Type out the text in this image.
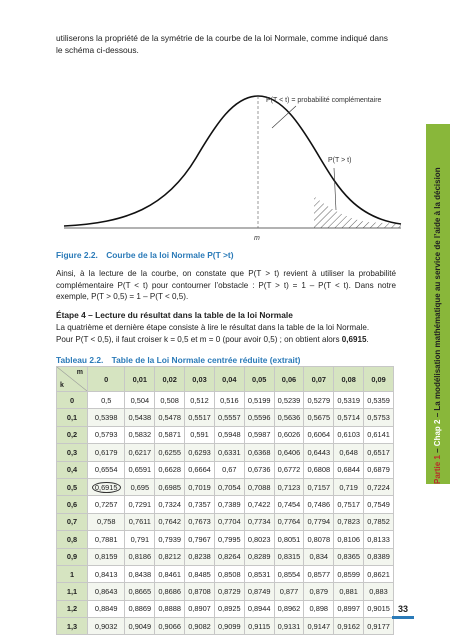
utiliserons la propriété de la symétrie de la courbe de la loi Normale, comme indiqué dans le schéma ci-dessous.
P(T < t) = probabilité complémentaire
P(T > t)
m
Figure 2.2. Courbe de la loi Normale P(T >t)
Ainsi, à la lecture de la courbe, on constate que P(T > t) revient à utiliser la probabilité complémentaire P(T < t) pour contourner l’obstacle : P(T > t) = 1 – P(T < t). Dans notre exemple, P(T > 0,5) = 1 – P(T < 0,5).
Étape 4 – Lecture du résultat dans la table de la loi Normale
La quatrième et dernière étape consiste à lire le résultat dans la table de la loi Normale.
Pour P(T < 0,5), il faut croiser k = 0,5 et m = 0 (pour avoir 0,5) ; on obtient alors 0,6915.
Tableau 2.2. Table de la Loi Normale centrée réduite (extrait)
m
k	0	0,01	0,02	0,03	0,04	0,05	0,06	0,07	0,08	0,09
0	0,5	0,504	0,508	0,512	0,516	0,5199	0,5239	0,5279	0,5319	0,5359
0,1	0,5398	0,5438	0,5478	0,5517	0,5557	0,5596	0,5636	0,5675	0,5714	0,5753
0,2	0,5793	0,5832	0,5871	0,591	0,5948	0,5987	0,6026	0,6064	0,6103	0,6141
0,3	0,6179	0,6217	0,6255	0,6293	0,6331	0,6368	0,6406	0,6443	0,648	0,6517
0,4	0,6554	0,6591	0,6628	0,6664	0,67	0,6736	0,6772	0,6808	0,6844	0,6879
0,5	0,6915	0,695	0,6985	0,7019	0,7054	0,7088	0,7123	0,7157	0,719	0,7224
0,6	0,7257	0,7291	0,7324	0,7357	0,7389	0,7422	0,7454	0,7486	0,7517	0,7549
0,7	0,758	0,7611	0,7642	0,7673	0,7704	0,7734	0,7764	0,7794	0,7823	0,7852
0,8	0,7881	0,791	0,7939	0,7967	0,7995	0,8023	0,8051	0,8078	0,8106	0,8133
0,9	0,8159	0,8186	0,8212	0,8238	0,8264	0,8289	0,8315	0,834	0,8365	0,8389
1	0,8413	0,8438	0,8461	0,8485	0,8508	0,8531	0,8554	0,8577	0,8599	0,8621
1,1	0,8643	0,8665	0,8686	0,8708	0,8729	0,8749	0,877	0,879	0,881	0,883
1,2	0,8849	0,8869	0,8888	0,8907	0,8925	0,8944	0,8962	0,898	0,8997	0,9015
1,3	0,9032	0,9049	0,9066	0,9082	0,9099	0,9115	0,9131	0,9147	0,9162	0,9177
Partie 1 – Chap 2 – La modélisation mathématique au service de l’aide à la décision
33
